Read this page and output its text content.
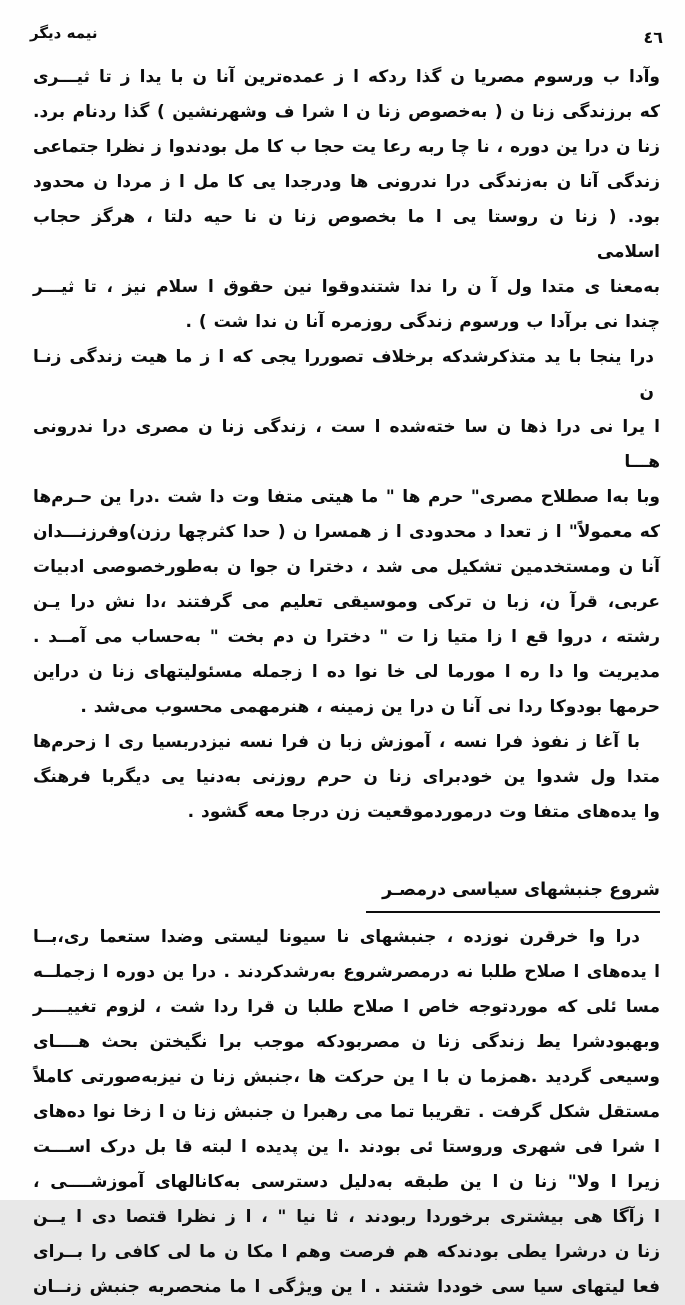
نیمه دیگر	٤٦
وآدا ب ورسوم مصریا ن گذا ردکه ا ز عمده‌ترین آنا ن با یدا ز تا ثیـــری
که برزندگی زنا ن ( به‌خصوص زنا ن ا شرا ف وشهرنشین ) گذا ردنام برد.
زنا ن درا ین دوره ، نا چا ربه رعا یت حجا ب کا مل بودندوا ز نظرا جتماعی
زندگی آنا ن به‌زندگی درا ندرونی ها ودرجدا یی کا مل ا ز مردا ن محدود
بود. ( زنا ن روستا یی ا ما بخصوص زنا ن نا حیه دلتا ، هرگز حجاب اسلامی
به‌معنا ی متدا ول آ ن را ندا شتندوقوا نین حقوق ا سلام نیز ، تا ثیـــر
چندا نی برآدا ب ورسوم زندگی روزمره آنا ن ندا شت ) .
درا ینجا با ید متذکرشدکه برخلاف تصوررا یجی که ا ز ما هیت زندگی زنـا ن
ا یرا نی درا ذها ن سا خته‌شده ا ست ، زندگی زنا ن مصری درا ندرونی هـــا
وبا به‌ا صطلاح مصری" حرم ها " ما هیتی متفا وت دا شت .درا ین حـرم‌ها
که معمولاً" ا ز تعدا د محدودی ا ز همسرا ن ( حدا کثرچها رزن)وفرزنـــدان
آنا ن ومستخدمین تشکیل می شد ، دخترا ن جوا ن به‌طورخصوصی ادبیات
عربی، قرآ ن، زبا ن ترکی وموسیقی تعلیم می گرفتند ،دا نش درا یـن
رشته ، دروا قع ا زا متیا زا ت " دخترا ن دم بخت " به‌حساب می آمــد .
مدیریت وا دا ره ا مورما لی خا نوا ده ا زجمله مسئولیتهای زنا ن دراین
حرمها بودوکا ردا نی آنا ن درا ین زمینه ، هنرمهمی محسوب می‌شد .
با آغا ز نفوذ فرا نسه ، آموزش زبا ن فرا نسه نیزدربسیا ری ا زحرم‌ها
متدا ول شدوا ین خودبرای زنا ن حرم روزنی به‌دنیا یی دیگربا فرهنگ
وا یده‌های متفا وت درموردموقعیت زن درجا معه گشود .
شروع جنبشهای سیاسی درمصـر
درا وا خرقرن نوزده ، جنبشهای نا سیونا لیستی وضدا ستعما ری،بــا
ا یده‌های ا صلاح طلبا نه درمصرشروع به‌رشدکردند . درا ین دوره ا زجملــه
مسا ئلی که موردتوجه خاص ا صلاح طلبا ن قرا ردا شت ، لزوم تغییــــر
وبهبودشرا یط زندگی زنا ن مصربودکه موجب برا نگیختن بحث هــــای
وسیعی گردید .همزما ن با ا ین حرکت ها ،جنبش زنا ن نیزبه‌صورتی کاملاً
مستقل شکل گرفت . تقریبا تما می رهبرا ن جنبش زنا ن ا زخا نوا ده‌های
ا شرا فی شهری وروستا ئی بودند .ا ین پدیده ا لبته قا بل درک اســـت
زیرا ا ولا" زنا ن ا ین طبقه به‌دلیل دسترسی به‌کانالهای آموزشــــی ،
ا زآگا هی بیشتری برخوردا ربودند ، ثا نیا " ، ا ز نظرا قتصا دی ا یــن
زنا ن درشرا یطی بودندکه هم فرصت وهم ا مکا ن ما لی کافی را بــرای
فعا لیتهای سیا سی خوددا شتند . ا ین ویژگی ا ما منحصربه جنبش زنــان
